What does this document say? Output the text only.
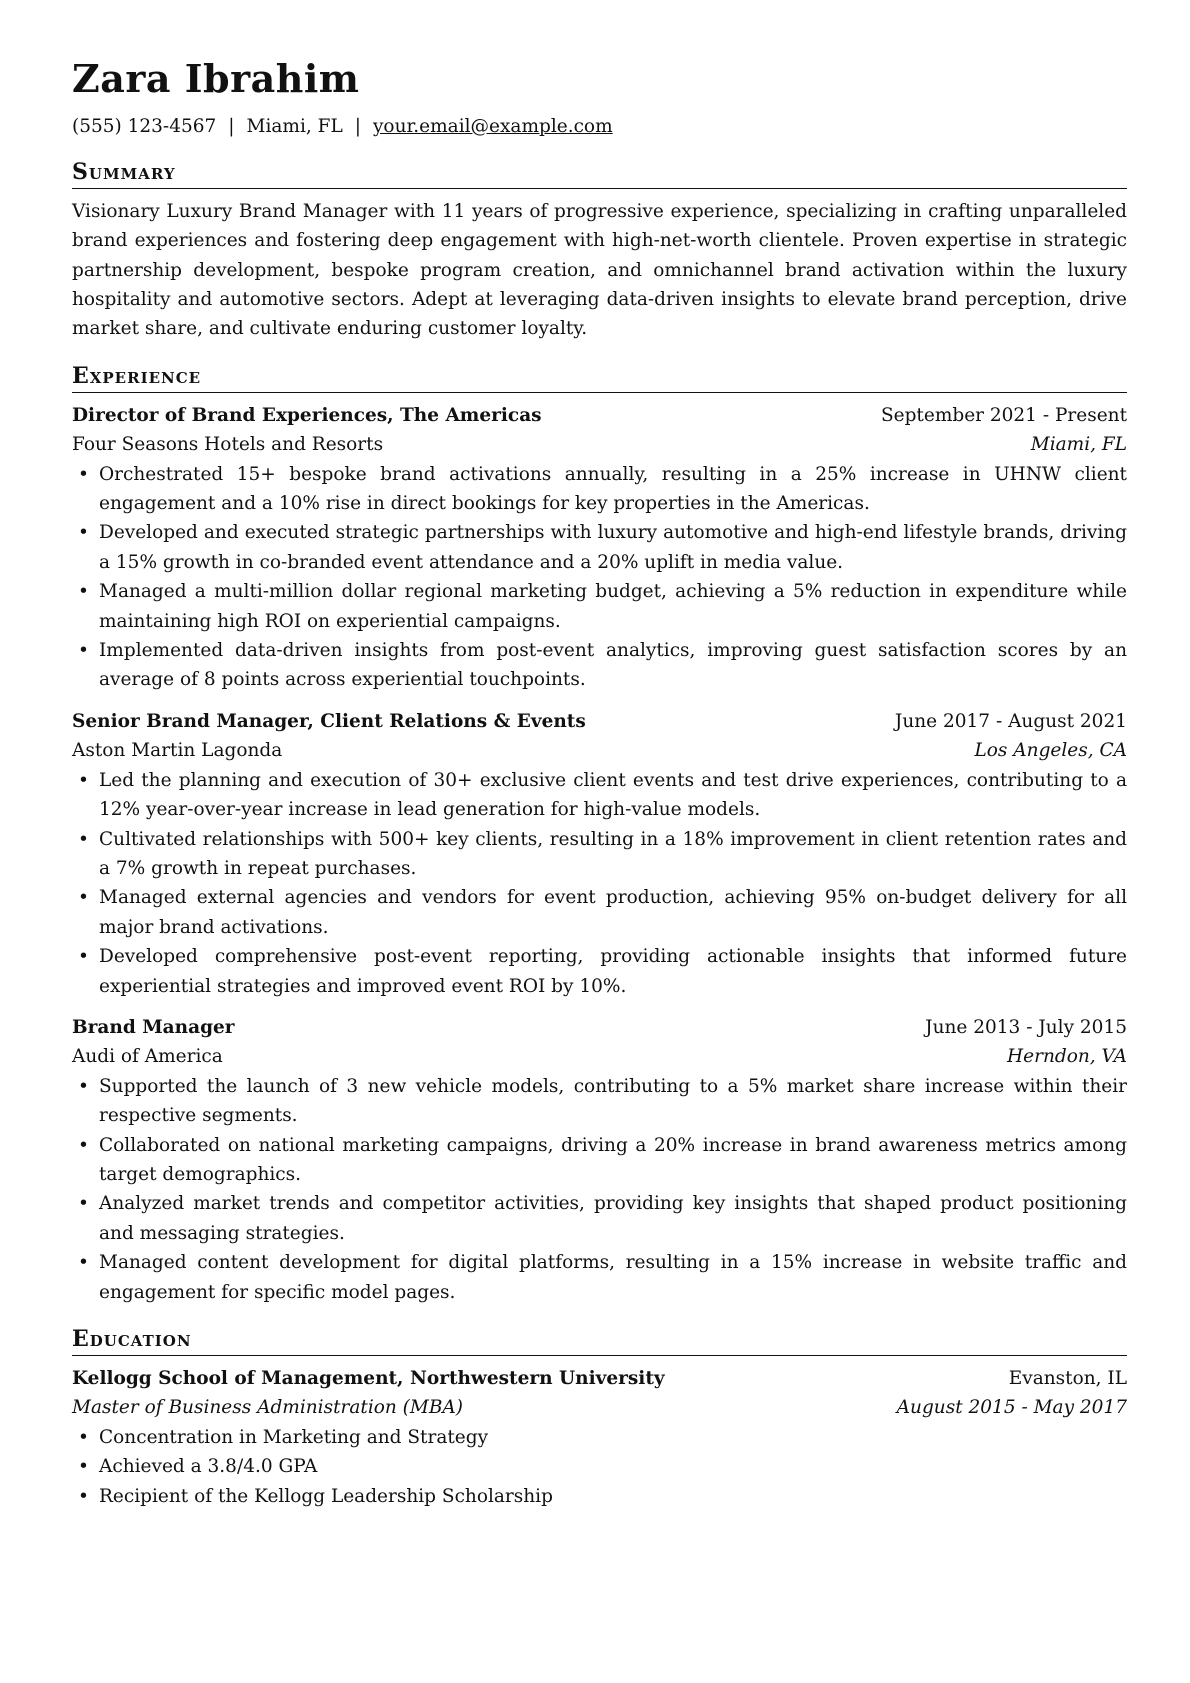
Zara Ibrahim
(555) 123-4567 | Miami, FL | your.email@example.com
Summary
Visionary Luxury Brand Manager with 11 years of progressive experience, specializing in crafting unparalleled brand experiences and fostering deep engagement with high-net-worth clientele. Proven expertise in strategic partnership development, bespoke program creation, and omnichannel brand activation within the luxury hospitality and automotive sectors. Adept at leveraging data-driven insights to elevate brand perception, drive market share, and cultivate enduring customer loyalty.
Experience
Director of Brand Experiences, The Americas	September 2021 - Present
Four Seasons Hotels and Resorts	Miami, FL
• Orchestrated 15+ bespoke brand activations annually, resulting in a 25% increase in UHNW client engagement and a 10% rise in direct bookings for key properties in the Americas.
• Developed and executed strategic partnerships with luxury automotive and high-end lifestyle brands, driving a 15% growth in co-branded event attendance and a 20% uplift in media value.
• Managed a multi-million dollar regional marketing budget, achieving a 5% reduction in expenditure while maintaining high ROI on experiential campaigns.
• Implemented data-driven insights from post-event analytics, improving guest satisfaction scores by an average of 8 points across experiential touchpoints.
Senior Brand Manager, Client Relations & Events	June 2017 - August 2021
Aston Martin Lagonda	Los Angeles, CA
• Led the planning and execution of 30+ exclusive client events and test drive experiences, contributing to a 12% year-over-year increase in lead generation for high-value models.
• Cultivated relationships with 500+ key clients, resulting in a 18% improvement in client retention rates and a 7% growth in repeat purchases.
• Managed external agencies and vendors for event production, achieving 95% on-budget delivery for all major brand activations.
• Developed comprehensive post-event reporting, providing actionable insights that informed future experiential strategies and improved event ROI by 10%.
Brand Manager	June 2013 - July 2015
Audi of America	Herndon, VA
• Supported the launch of 3 new vehicle models, contributing to a 5% market share increase within their respective segments.
• Collaborated on national marketing campaigns, driving a 20% increase in brand awareness metrics among target demographics.
• Analyzed market trends and competitor activities, providing key insights that shaped product positioning and messaging strategies.
• Managed content development for digital platforms, resulting in a 15% increase in website traffic and engagement for specific model pages.
Education
Kellogg School of Management, Northwestern University	Evanston, IL
Master of Business Administration (MBA)	August 2015 - May 2017
• Concentration in Marketing and Strategy
• Achieved a 3.8/4.0 GPA
• Recipient of the Kellogg Leadership Scholarship
